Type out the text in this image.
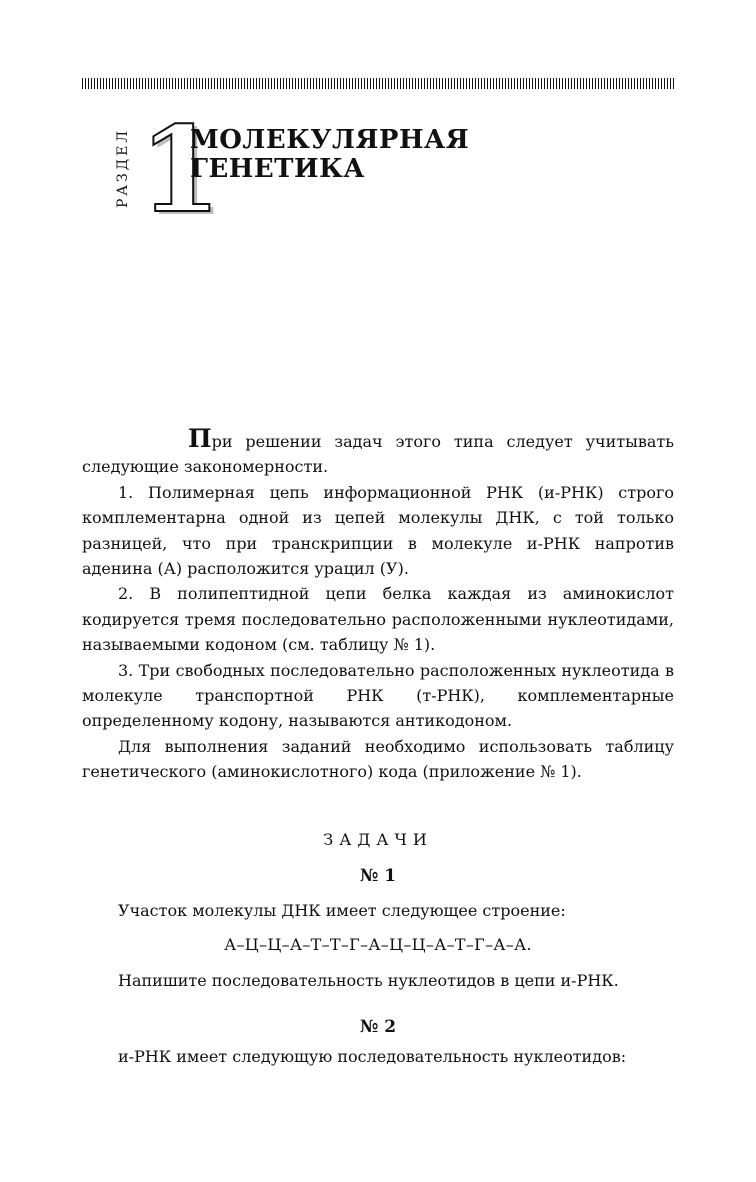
РАЗДЕЛ 1
МОЛЕКУЛЯРНАЯ
ГЕНЕТИКА

При решении задач этого типа следует учитывать следующие закономерности.

1. Полимерная цепь информационной РНК (и-РНК) строго комплементарна одной из цепей молекулы ДНК, с той только разницей, что при транскрипции в молекуле и-РНК напротив аденина (А) расположится урацил (У).

2. В полипептидной цепи белка каждая из аминокислот кодируется тремя последовательно расположенными нуклеотидами, называемыми кодоном (см. таблицу № 1).

3. Три свободных последовательно расположенных нуклеотида в молекуле транспортной РНК (т-РНК), комплементарные определенному кодону, называются антикодоном.

Для выполнения заданий необходимо использовать таблицу генетического (аминокислотного) кода (приложение № 1).

ЗАДАЧИ
№ 1
Участок молекулы ДНК имеет следующее строение:
А–Ц–Ц–А–Т–Т–Г–А–Ц–Ц–А–Т–Г–А–А.
Напишите последовательность нуклеотидов в цепи и-РНК.
№ 2
и-РНК имеет следующую последовательность нуклеотидов:
